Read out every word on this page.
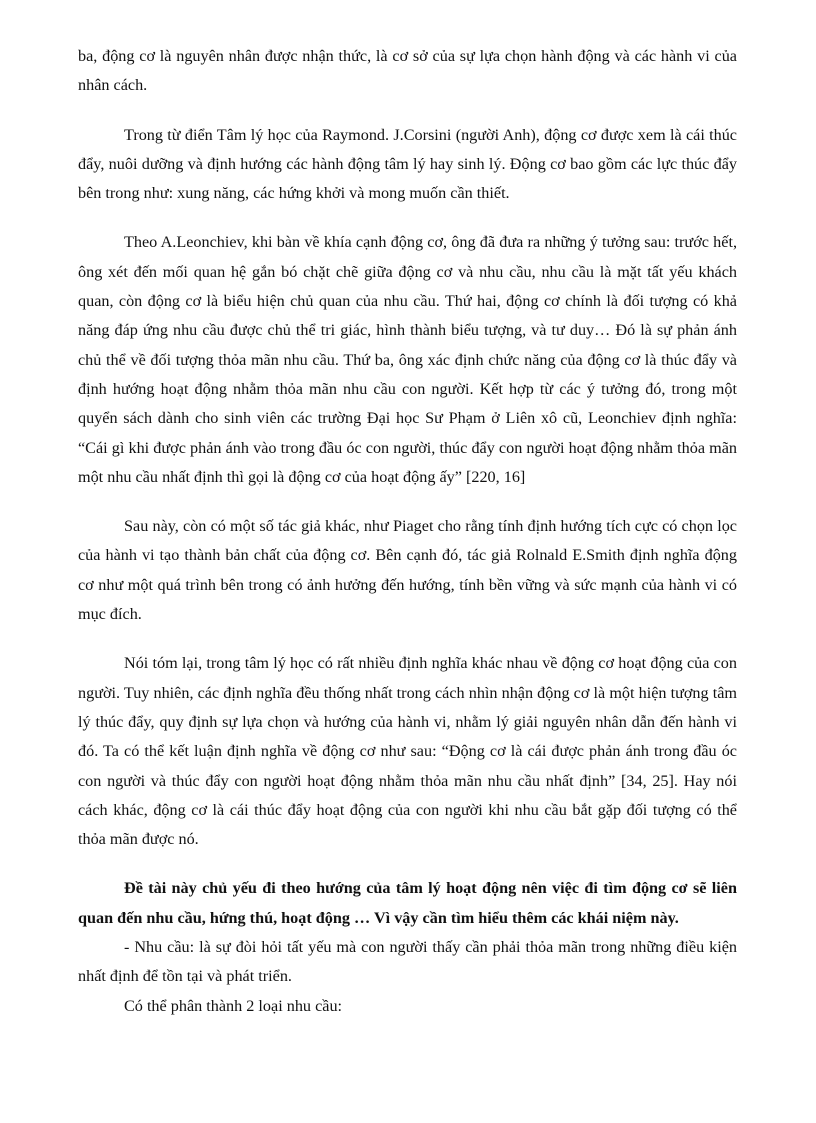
ba, động cơ là nguyên nhân được nhận thức, là cơ sở của sự lựa chọn hành động và các hành vi của nhân cách.

Trong từ điển Tâm lý học của Raymond. J.Corsini (người Anh), động cơ được xem là cái thúc đẩy, nuôi dưỡng và định hướng các hành động tâm lý hay sinh lý. Động cơ bao gồm các lực thúc đẩy bên trong như: xung năng, các hứng khởi và mong muốn cần thiết.

Theo A.Leonchiev, khi bàn về khía cạnh động cơ, ông đã đưa ra những ý tưởng sau: trước hết, ông xét đến mối quan hệ gắn bó chặt chẽ giữa động cơ và nhu cầu, nhu cầu là mặt tất yếu khách quan, còn động cơ là biểu hiện chủ quan của nhu cầu. Thứ hai, động cơ chính là đối tượng có khả năng đáp ứng nhu cầu được chủ thể tri giác, hình thành biểu tượng, và tư duy… Đó là sự phản ánh chủ thể về đối tượng thỏa mãn nhu cầu. Thứ ba, ông xác định chức năng của động cơ là thúc đẩy và định hướng hoạt động nhằm thỏa mãn nhu cầu con người. Kết hợp từ các ý tưởng đó, trong một quyển sách dành cho sinh viên các trường Đại học Sư Phạm ở Liên xô cũ, Leonchiev định nghĩa: “Cái gì khi được phản ánh vào trong đầu óc con người, thúc đẩy con người hoạt động nhằm thỏa mãn một nhu cầu nhất định thì gọi là động cơ của hoạt động ấy” [220, 16]

Sau này, còn có một số tác giả khác, như Piaget cho rằng tính định hướng tích cực có chọn lọc của hành vi tạo thành bản chất của động cơ. Bên cạnh đó, tác giả Rolnald E.Smith định nghĩa động cơ như một quá trình bên trong có ảnh hưởng đến hướng, tính bền vững và sức mạnh của hành vi có mục đích.

Nói tóm lại, trong tâm lý học có rất nhiều định nghĩa khác nhau về động cơ hoạt động của con người. Tuy nhiên, các định nghĩa đều thống nhất trong cách nhìn nhận động cơ là một hiện tượng tâm lý thúc đẩy, quy định sự lựa chọn và hướng của hành vi, nhằm lý giải nguyên nhân dẫn đến hành vi đó. Ta có thể kết luận định nghĩa về động cơ như sau: “Động cơ là cái được phản ánh trong đầu óc con người và thúc đẩy con người hoạt động nhằm thỏa mãn nhu cầu nhất định” [34, 25]. Hay nói cách khác, động cơ là cái thúc đẩy hoạt động của con người khi nhu cầu bắt gặp đối tượng có thể thỏa mãn được nó.

Đề tài này chủ yếu đi theo hướng của tâm lý hoạt động nên việc đi tìm động cơ sẽ liên quan đến nhu cầu, hứng thú, hoạt động … Vì vậy cần tìm hiểu thêm các khái niệm này.

- Nhu cầu: là sự đòi hỏi tất yếu mà con người thấy cần phải thỏa mãn trong những điều kiện nhất định để tồn tại và phát triển.

Có thể phân thành 2 loại nhu cầu:
